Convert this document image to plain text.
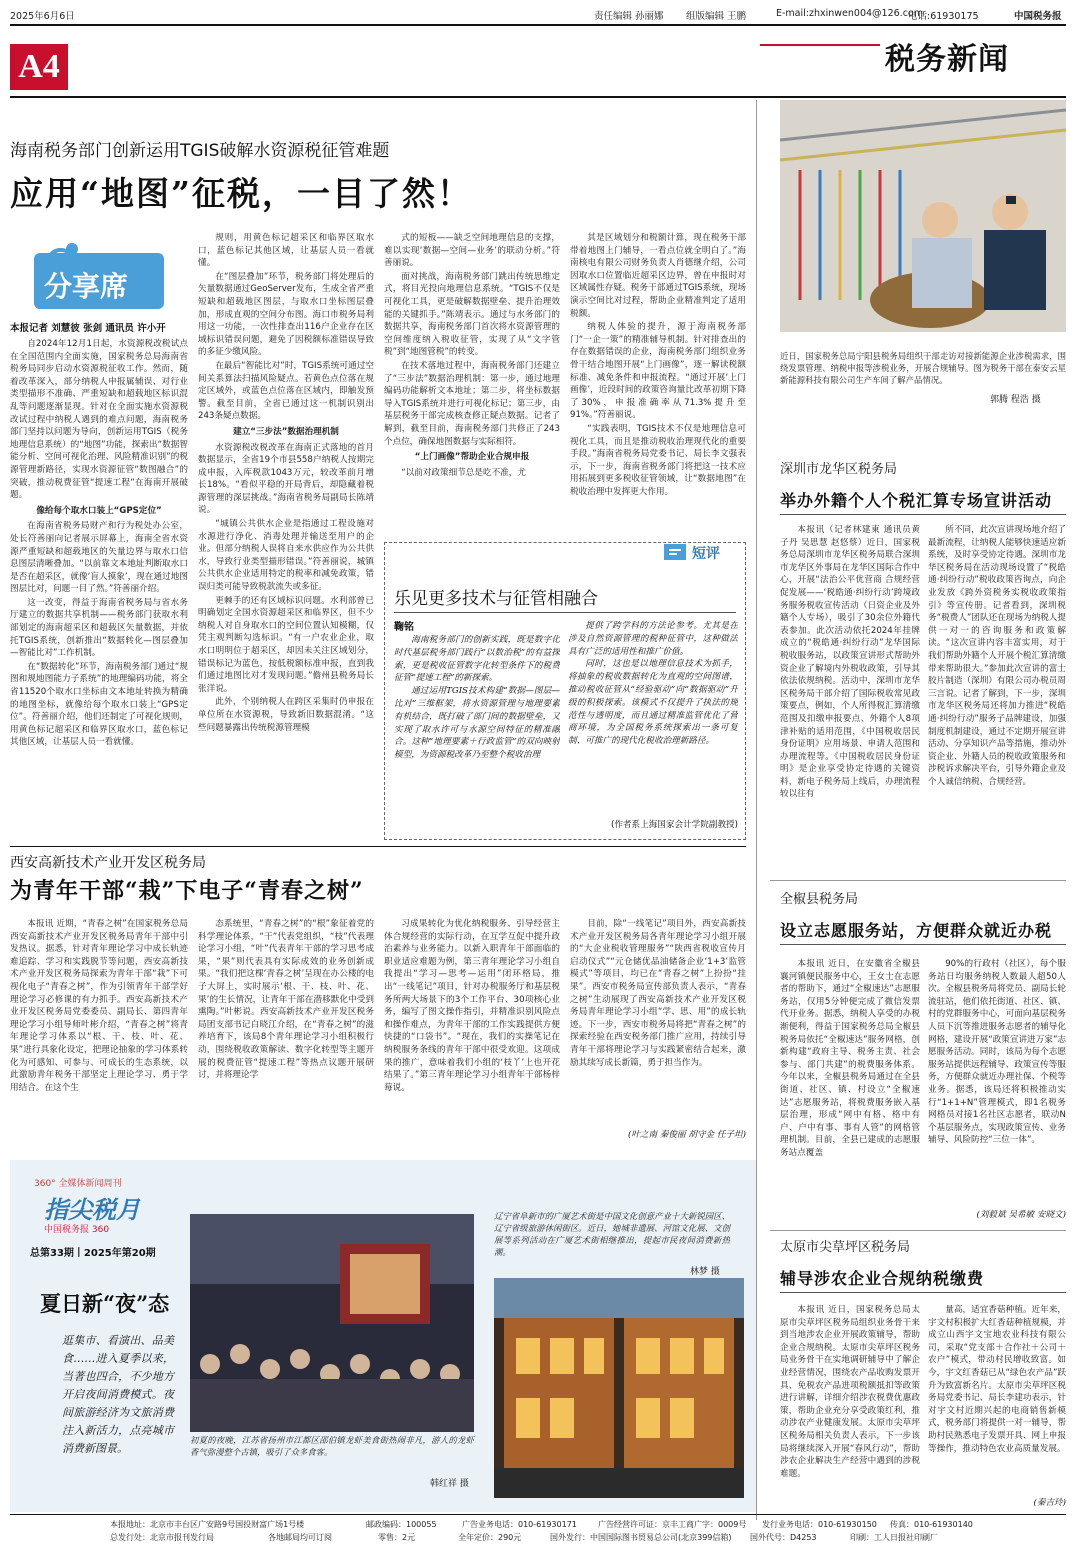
2025年6月6日	责任编辑 孙丽娜 组版编辑 王鹏	E-mail:zhxinwen004@126.com
电话:61930175	中国税务报
A4	税务新闻
海南税务部门创新运用TGIS破解水资源税征管难题
应用“地图”征税，一目了然！
分享席
本报记者 刘慧彼 张剑 通讯员 许小开

自2024年12月1日起，水资源税改税试点在全国范围内全面实施，国家税务总局海南省税务局同步启动水资源税征收工作。然而，随着改革深入，部分纳税人申报属辅误、对行业类型描形不准确、严重短缺和超载地区标识混乱等问题逐渐显现。针对在全面实施水资源税改试过程中纳税人遇到的难点问题，海南税务部门坚持以问题为导向，创新运用TGIS（税务地理信息系统）的“地图”功能，探索出“数据智能分析、空间可视化治理、风险精准识别”的税源管理新路径，实现水资源征管“数图融合”的突破，推动税费征管“提速工程”在海南开展破题。

像给每个取水口装上“GPS定位”

在海南省税务局财产和行为税处办公室，处长符善丽向记者展示屏幕上，海南全省水资源严重短缺和超载地区的矢量边界与取水口信息图层清晰叠加。“以前靠文本地址判断取水口是否在超采区，就像‘盲人摸象’，现在通过地图图层比对，问题一目了然。”符善丽介绍。

这一改变，得益于海南省税务局与省水务厅建立的数据共享机制——税务部门获取水利部划定的海南超采区和超载区矢量数据，并依托TGIS系统，创新推出“数据转化—图层叠加—智能比对”工作机制。

在“数据转化”环节，海南税务部门通过“规图和规地图能力子系统”的地理编码功能，将全省11520个取水口坐标由文本地址转换为精确的地图坐标，就像给每个取水口装上“GPS定位”。符善丽介绍，他们还制定了可视化规则，用黄色标记超采区和临界区取水口，蓝色标记其他区域，让基层人员一看就懂。

规则，用黄色标记超采区和临界区取水口，蓝色标记其他区域，让基层人员一看就懂。

在“图层叠加”环节，税务部门将处理后的矢量数据通过GeoServer发布，生成全省严重短缺和超载地区图层，与取水口坐标图层叠加，形成直观的空间分布图。海口市税务局利用这一功能，一次性排查出116户企业存在区域标识错误问题，避免了因税额标准错误导致的多征少缴风险。

在最后“智能比对”时，TGIS系统可通过空间关系算法扫描风险疑点。若黄色点位落在规定区域外，或蓝色点位落在区域内，即触发预警。截至目前，全省已通过这一机制识别出243条疑点数据。

建立“三步法”数据治理机制

水资源税改税改革在海南正式落地的首月数据显示，全省19个市县558户纳税人按期完成申报，入库税款1043万元，较改革前月增长18%。“看似平稳的开局背后，却隐藏着税源管理的深层挑战。”海南省税务局副局长陈靖说。

“城镇公共供水企业是指通过工程设施对水源进行净化、消毒处理并输送至用户的企业。但部分纳税人误将自来水供应作为公共供水，导致行业类型描形错误。”符善丽说，城镇公共供水企业适用特定的税率和减免政策，错误归类可能导致税款流失或多征。

更棘手的还有区域标识问题。水利部曾已明确划定全国水资源超采区和临界区，但不少纳税人对自身取水口的空间位置认知模糊，仅凭主观判断勾选标识。“有一户农业企业，取水口明明位于超采区，却因未关注区域划分，错误标记为蓝色，按低税额标准申报，直到我们通过地图比对才发现问题。”儋州县税务局长张洋说。

此外，个别纳税人在跨区采集时仍申报在单位所在水资源税，导致新旧数据混淆。“这些问题暴露出传统税源管理模

式的短板——缺乏空间地理信息的支撑，难以实现‘数据—空间—业务’的联动分析。”符善丽说。

面对挑战，海南税务部门跳出传统思维定式，将目光投向地理信息系统。“TGIS不仅是可视化工具，更是破解数据壁垒、提升治理效能的关键抓手。”陈靖表示。通过与水务部门的数据共享，海南税务部门首次将水资源管理的空间维度纳入税收征管，实现了从“文字管税”到“地图管税”的转变。

在技术落地过程中，海南税务部门还建立了“三步法”数据治理机制：第一步，通过地理编码功能解析文本地址；第二步，将坐标数据导入TGIS系统并进行可视化标记；第三步，由基层税务干部完成核查修正疑点数据。记者了解到，截至目前，海南税务部门共修正了243个点位，确保地图数据与实际相符。

“上门画像”帮助企业合规申报

“以前对政策细节总是吃不准，尤

其是区域划分和税额计算，现在税务干部带着地图上门辅导，一看点位就全明白了。”海南核电有限公司财务负责人肖德继介绍，公司因取水口位置临近超采区边界，曾在申报时对区域属性存疑。税务干部通过TGIS系统，现场演示空间比对过程，帮助企业精准判定了适用税额。

纳税人体验的提升，源于海南税务部门“一企一策”的精准辅导机制。针对排查出的存在数据错误的企业，海南税务部门组织业务骨干结合地图开展“上门画像”，逐一解读税额标准、减免条件和申报流程。“通过开展‘上门画像’，近段时间的政策咨询量比改革初期下降了30%，申报准确率从71.3%提升至91%。”符善丽说。

“实践表明，TGIS技术不仅是地理信息可视化工具，而且是推动税收治理现代化的重要手段。”海南省税务局党委书记、局长李文强表示，下一步，海南省税务部门将把这一技术应用拓展到更多税收征管领域，让“数据地图”在税收治理中发挥更大作用。

短评
乐见更多技术与征管相融合
鞠铭

海南税务部门的创新实践，既是数字化时代基层税务部门践行“以数治税”的有益探索，更是税收征管数字化转型条件下的税费征管“提速工程”的新探索。

通过运用TGIS技术构建“数据—图层—比对”三维框架，将水资源管理与地理要素有机结合，既打破了部门间的数据壁垒，又实现了取水许可与水源空间特征的精准融合。这种“地理要素＋行政监管”的双向映射模型，为资源税改革乃至整个税收治理

提供了跨学科的方法论参考。尤其是在涉及自然资源管理的税种征管中，这种做法具有广泛的适用性和推广价值。

同时，这也是以地理信息技术为抓手，将抽象的税收数据转化为直观的空间图谱，推动税收征管从“经验驱动”向“数据驱动”升级的积极探索。该模式不仅提升了执法的规范性与透明度，而且通过精准监管优化了营商环境，为全国税务系统探索出一条可复制、可推广的现代化税收治理新路径。

(作者系上海国家会计学院副教授)
近日，国家税务总局宁阳县税务局组织干部走访对接新能源企业涉税需求，围绕发票管理、纳税申报等涉税业务，开展合规辅导。图为税务干部在泰安云星新能源科技有限公司生产车间了解产品情况。
郭腾 程浩 摄
深圳市龙华区税务局
举办外籍个人个税汇算专场宣讲活动

本报讯（记者林建東 通讯员黄子丹 吴思慧 赵悠蔡）近日，国家税务总局深圳市龙华区税务局联合深圳市龙华区外事局在龙华区国际合作中心，开展“法治公平优营商 合规经营促发展——‘税皓通·纠纷行动’跨境政务服务税收宣传活动（日资企业及外籍个人专场），吸引了30余位外籍代表参加。此次活动依托2024年挂牌成立的“税皓通·纠纷行动”龙华国际税收服务站，以政策宣讲形式帮助外资企业了解境内外税收政策，引导其依法依规纳税。活动中，深圳市龙华区税务局干部介绍了国际税收常见政策要点，例如，个人所得税汇算清缴范围及扣缴申报要点、外籍个人8项津补贴的适用范围，《中国税收居民身份证明》应用场景、申请人范围和办理流程等。《中国税收居民身份证明》是企业享受协定待遇的关键资料，新电子税务局上线后，办理流程较以往有

所不同，此次宣讲现场地介绍了最新流程，让纳税人能够快速适应新系统，及时享受协定待遇。深圳市龙华区税务局在活动现场设置了“税皓通·纠纷行动”税收政策咨询点，向企业发放《跨外资税务实税收政策指引》等宣传册。记者看到，深圳税务“税费人”团队还在现场为纳税人提供一对一的咨询服务和政策解读。“这次宣讲内容丰富实用，对于我们帮助外籍个人开展个税汇算清缴带来帮助很大。”参加此次宣讲的富士胶片制造（深圳）有限公司办税员周三言说。记者了解到，下一步，深圳市龙华区税务局还将加力推进“税皓通·纠纷行动”服务子品牌建设，加强制度机制建设，通过不定期开展宣讲活动、分享知识产品等措施，推动外资企业、外籍人员的税收政策服务和涉税诉求解决平台，引导外籍企业及个人诚信纳税、合规经营。

西安高新技术产业开发区税务局
为青年干部“栽”下电子“青春之树”

本报讯 近期，“青春之树”在国家税务总局西安高新技术产业开发区税务局青年干部中引发热议。据悉，针对青年理论学习中成长轨迹难追踪、学习和实践脱节等问题，西安高新技术产业开发区税务局探索为青年干部“栽”下可视化电子“青春之树”，作为引领青年干部学好理论学习必修课的有力抓手。西安高新技术产业开发区税务局党委委员、副局长、第四青年理论学习小组导师叶彬介绍，“青春之树”将青年理论学习体系以“根、干、枝、叶、花、果”进行具象化设定，把理论抽象的学习体系转化为可感知、可参与、可成长的生态系统，以此激励青年税务干部坚定上理论学习、勇于学用结合。在这个生

态系统里，“青春之树”的“根”象征着党的科学理论体系，“干”代表党组织，“枝”代表理论学习小组，“叶”代表青年干部的学习思考成果，“果”则代表具有实际成效的业务创新成果。“我们把这棵‘青春之树’呈现在办公楼的电子大屏上，实时展示‘根、干、枝、叶、花、果’的生长情况，让青年干部在潜移默化中受到熏陶。”叶彬说。西安高新技术产业开发区税务局团支部书记白晓江介绍，在“青春之树”的滋养培育下，该局8个青年理论学习小组积极行动，围绕税收政策解读、数字化转型等主题开展的税费征管“提速工程”等热点议题开展研讨，并将理论学

习成果转化为优化纳税服务、引导经营主体合规经营的实际行动，在互学互促中提升政治素养与业务能力。以新入职青年干部面临的职业适应难题为例，第三青年理论学习小组自我提出“学习—思考—运用”闭环格局，推出“一线笔记”项目，针对办税服务厅和基层税务所两大场景下的3个工作平台、30项核心业务，编写了图文操作指引，并精准识别风险点和操作难点，为青年干部的工作实践提供方便快捷的“口袋书”。“现在，我们的实操笔记在纳税服务条线的青年干部中很受欢迎。这项成果的推广，意味着我们小组的‘枝丫’上也开花结果了。”第三青年理论学习小组青年干部杨梓莓说。

目前，除“一线笔记”项目外，西安高新技术产业开发区税务局各青年理论学习小组开展的“大企业税收管理服务”“陕西省税收宣传月启动仪式”“元仓储优品油储备企业‘1+3’监管模式”等项目，均已在“青春之树”上扮扮“挂果”。西安市税务局宣传部负责人表示，“青春之树”生动展现了西安高新技术产业开发区税务局青年理论学习小组“学、思、用”的成长轨迹。下一步，西安市税务局将把“青春之树”的探索经验在西安税务部门推广应用，持续引导青年干部将理论学习与实践紧密结合起来，激励其续写成长新篇，勇于担当作为。

(叶之南 秦俊丽 胡守金 任子坦)
全椒县税务局
设立志愿服务站，方便群众就近办税

本报讯 近日，在安徽省全椒县襄河镇便民服务中心，王女士在志愿者的帮助下，通过“全椒速达”志愿服务站，仅用5分钟便完成了微信发票代开业务。据悉，纳税人享受的办税渐便利，得益于国家税务总局全椒县税务局依托“全椒速达”服务网格，创新构建“政府主导、税务主责、社会参与、部门共建”的税费服务体系。今年以来，全椒县税务局通过在全县街道、社区、镇、村设立“全椒速达”志愿服务站，将税费服务嵌入基层治理，形成“网中有格、格中有户、户中有事、事有人管”的网格管理机制。目前，全县已建成的志愿服务站点覆盖

90%的行政村（社区），每个服务站日均服务纳税人数最人超50人次。全椒县税务局将党员、副局长轮流驻站，他们依托街道、社区、镇、村的党群服务中心，可面向基层税务人员下沉等推进服务志愿者的辅导化网格，建设开展“政策宣讲进万家”志愿服务活动。同时，该局为每个志愿服务站提供远程辅导、政策宣传等服务，方便群众就近办理社保、个税等业务。据悉，该局还将积极推动实行“1+1+N”管理模式，即1名税务网格员对接1名社区志愿者，联动N个基层服务点，实现政策宣传、业务辅导、风险防控“三位一体”。

(刘毅斌 吴希敏 安晓文)
太原市尖草坪区税务局
辅导涉农企业合规纳税缴费

本报讯 近日，国家税务总局太原市尖草坪区税务局组织业务骨干来到当地涉农企业开展政策辅导，帮助企业合规纳税。太原市尖草坪区税务局业务骨干在实地调研辅导中了解企业经营情况，围绕农产品收购发票开具、免税农产品进项税额抵扣等政策进行讲解，详细介绍涉农税费优惠政策，帮助企业充分享受政策红利，推动涉农产业健康发展。太原市尖草坪区税务局相关负责人表示，下一步该局将继续深入开展“春风行动”，帮助涉农企业解决生产经营中遇到的涉税难题。

量高，适宜香菇种植。近年来，宇文村积极扩大红香菇种植规模，并成立山西宇文宝地农业科技有限公司，采取“党支部＋合作社＋公司＋农户”模式，带动村民增收致富。如今，宇文红香菇已从“绿色农产品”跃升为致富新名片。太原市尖草坪区税务局党委书记、局长李建功表示，针对宇文村近期兴起的电商销售新模式，税务部门将提供一对一辅导，帮助村民熟悉电子发票开具、网上申报等操作，推动特色农业高质量发展。

(秦吉玲)
360° 全媒体新闻周刊
指尖税月
中国税务报 360
总第33期丨2025年第20期
夏日新“夜”态
逛集市、看演出、品美食……进入夏季以来，当著也四合，不少地方开启夜间消费模式。夜间旅游经济为文旅消费注入新活力，点亮城市消费新图景。
初夏的夜晚，江苏省扬州市江都区邵伯镇龙虾美食街热闹非凡，游人的龙虾香气弥漫整个古镇，吸引了众多食客。
韩红祥 摄
辽宁省阜新市的广厦艺术街是中国文化创意产业十大新锐园区、辽宁省级旅游休闲街区。近日，她城非遗展、河馆文化展、文创展等系列活动在广厦艺术街相继推出，提起市民夜间消费新热潮。
林梦 摄
本报地址：北京市丰台区广安路9号国投财富广场1号楼	邮政编码：100055	广告业务电话：010-61930171	广告经营许可证：京丰工商广字：0009号 发行业务电话：010-61930150 传真：010-61930140
总发行处：北京市报刊发行局	各地邮局均可订阅	零售：2元	全年定价：290元	国外发行：中国国际图书贸易总公司(北京399信箱) 国外代号：D4253	印刷：工人日报社印刷厂
